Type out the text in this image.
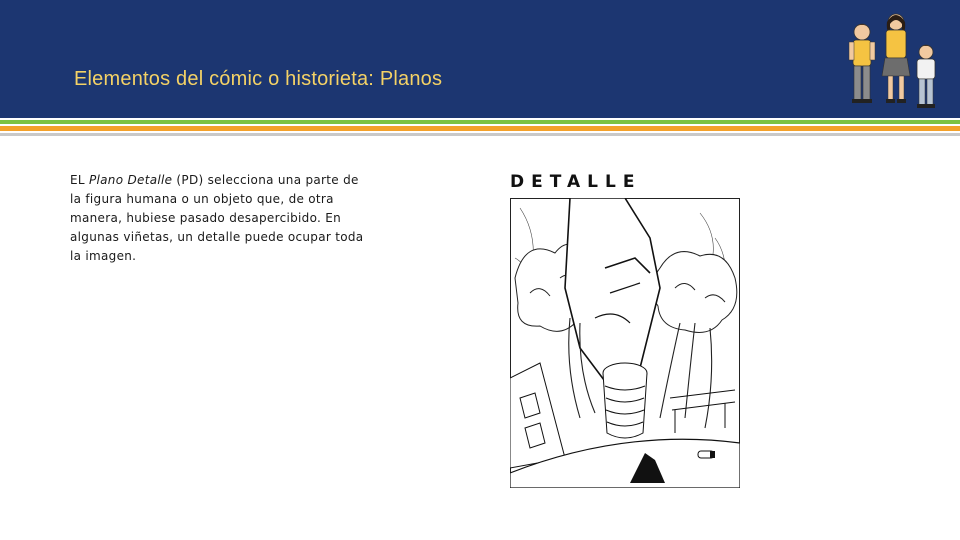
Elementos del cómic o historieta: Planos
EL Plano Detalle (PD) selecciona una parte de la figura humana o un objeto que, de otra manera, hubiese pasado desapercibido. En algunas viñetas, un detalle puede ocupar toda la imagen.
DETALLE
